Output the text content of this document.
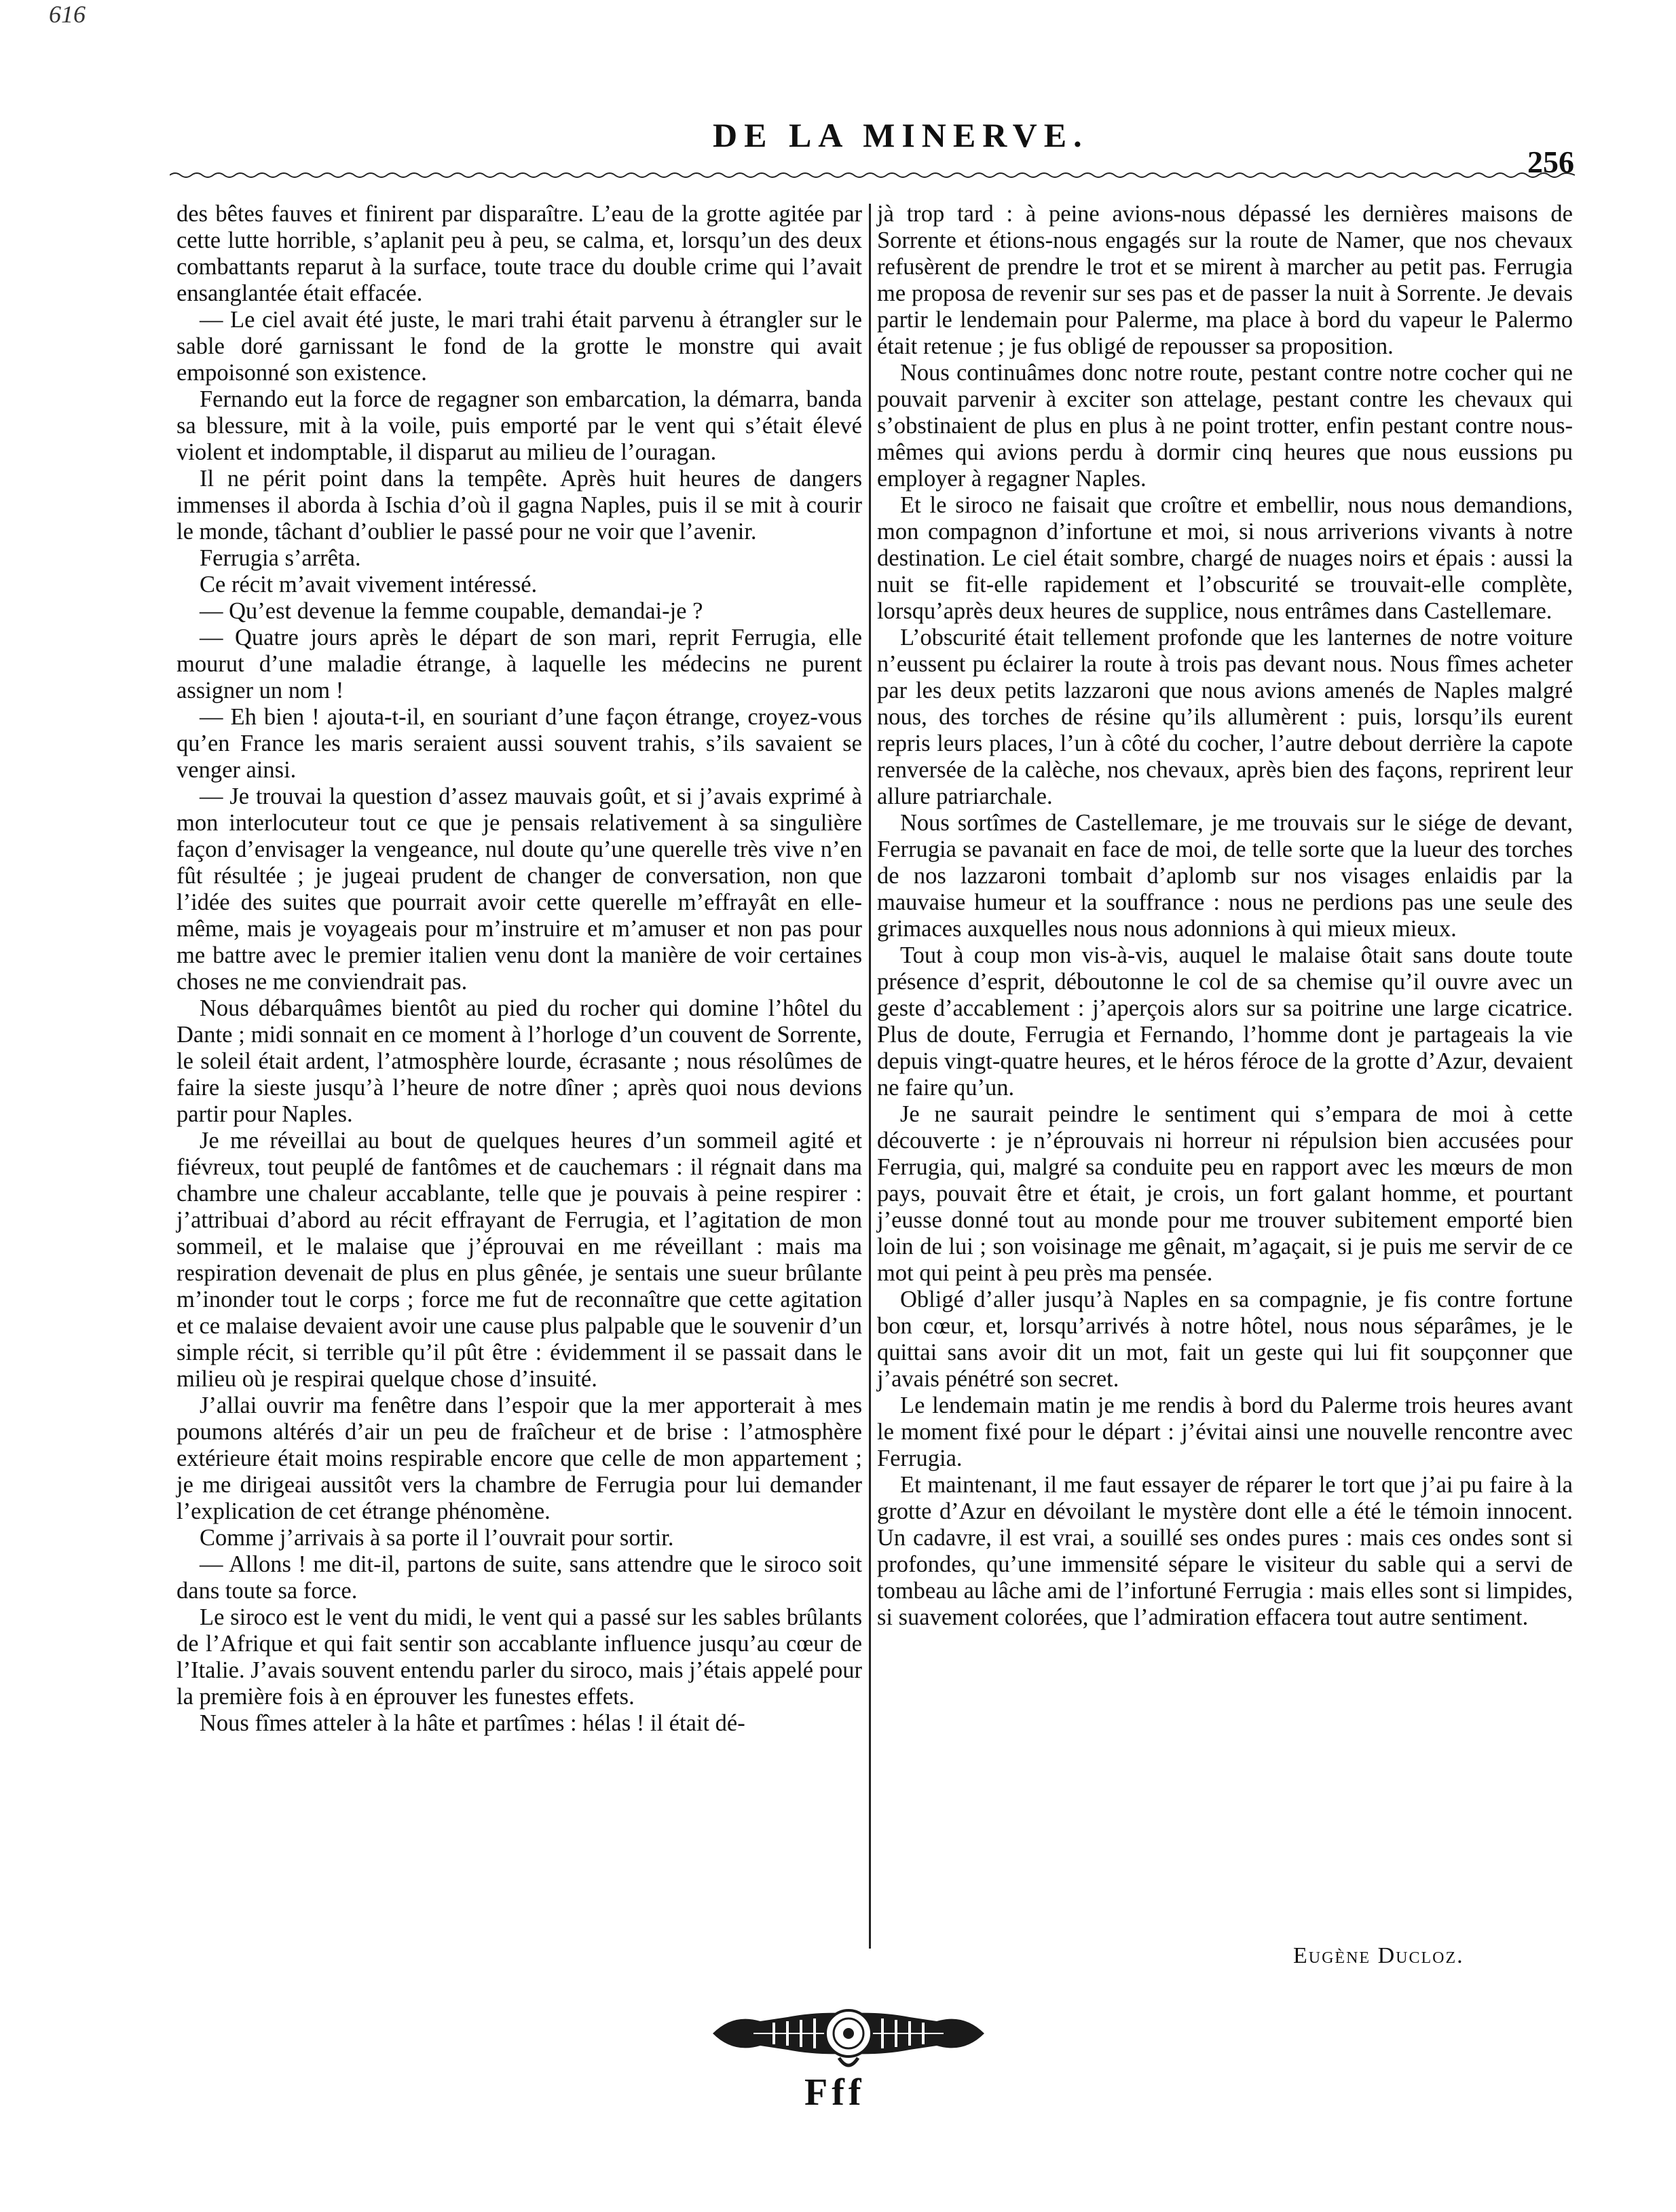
616
DE LA MINERVE.
256

des bêtes fauves et finirent par disparaître. L’eau de la grotte agitée par cette lutte horrible, s’aplanit peu à peu, se calma, et, lorsqu’un des deux combattants reparut à la surface, toute trace du double crime qui l’avait ensanglantée était effacée.

— Le ciel avait été juste, le mari trahi était parvenu à étrangler sur le sable doré garnissant le fond de la grotte le monstre qui avait empoisonné son existence.

Fernando eut la force de regagner son embarcation, la démarra, banda sa blessure, mit à la voile, puis emporté par le vent qui s’était élevé violent et indomptable, il disparut au milieu de l’ouragan.

Il ne périt point dans la tempête. Après huit heures de dangers immenses il aborda à Ischia d’où il gagna Naples, puis il se mit à courir le monde, tâchant d’oublier le passé pour ne voir que l’avenir.

Ferrugia s’arrêta.

Ce récit m’avait vivement intéressé.

— Qu’est devenue la femme coupable, demandai-je ?

— Quatre jours après le départ de son mari, reprit Ferrugia, elle mourut d’une maladie étrange, à laquelle les médecins ne purent assigner un nom !

— Eh bien ! ajouta-t-il, en souriant d’une façon étrange, croyez-vous qu’en France les maris seraient aussi souvent trahis, s’ils savaient se venger ainsi.

— Je trouvai la question d’assez mauvais goût, et si j’avais exprimé à mon interlocuteur tout ce que je pensais relativement à sa singulière façon d’envisager la vengeance, nul doute qu’une querelle très vive n’en fût résultée ; je jugeai prudent de changer de conversation, non que l’idée des suites que pourrait avoir cette querelle m’effrayât en elle-même, mais je voyageais pour m’instruire et m’amuser et non pas pour me battre avec le premier italien venu dont la manière de voir certaines choses ne me conviendrait pas.

Nous débarquâmes bientôt au pied du rocher qui domine l’hôtel du Dante ; midi sonnait en ce moment à l’horloge d’un couvent de Sorrente, le soleil était ardent, l’atmosphère lourde, écrasante ; nous résolûmes de faire la sieste jusqu’à l’heure de notre dîner ; après quoi nous devions partir pour Naples.

Je me réveillai au bout de quelques heures d’un sommeil agité et fiévreux, tout peuplé de fantômes et de cauchemars : il régnait dans ma chambre une chaleur accablante, telle que je pouvais à peine respirer : j’attribuai d’abord au récit effrayant de Ferrugia, et l’agitation de mon sommeil, et le malaise que j’éprouvai en me réveillant : mais ma respiration devenait de plus en plus gênée, je sentais une sueur brûlante m’inonder tout le corps ; force me fut de reconnaître que cette agitation et ce malaise devaient avoir une cause plus palpable que le souvenir d’un simple récit, si terrible qu’il pût être : évidemment il se passait dans le milieu où je respirai quelque chose d’insuité.

J’allai ouvrir ma fenêtre dans l’espoir que la mer apporterait à mes poumons altérés d’air un peu de fraîcheur et de brise : l’atmosphère extérieure était moins respirable encore que celle de mon appartement ; je me dirigeai aussitôt vers la chambre de Ferrugia pour lui demander l’explication de cet étrange phénomène.

Comme j’arrivais à sa porte il l’ouvrait pour sortir.

— Allons ! me dit-il, partons de suite, sans attendre que le siroco soit dans toute sa force.

Le siroco est le vent du midi, le vent qui a passé sur les sables brûlants de l’Afrique et qui fait sentir son accablante influence jusqu’au cœur de l’Italie. J’avais souvent entendu parler du siroco, mais j’étais appelé pour la première fois à en éprouver les funestes effets.

Nous fîmes atteler à la hâte et partîmes : hélas ! il était dé-

jà trop tard : à peine avions-nous dépassé les dernières maisons de Sorrente et étions-nous engagés sur la route de Namer, que nos chevaux refusèrent de prendre le trot et se mirent à marcher au petit pas. Ferrugia me proposa de revenir sur ses pas et de passer la nuit à Sorrente. Je devais partir le lendemain pour Palerme, ma place à bord du vapeur le Palermo était retenue ; je fus obligé de repousser sa proposition.

Nous continuâmes donc notre route, pestant contre notre cocher qui ne pouvait parvenir à exciter son attelage, pestant contre les chevaux qui s’obstinaient de plus en plus à ne point trotter, enfin pestant contre nous-mêmes qui avions perdu à dormir cinq heures que nous eussions pu employer à regagner Naples.

Et le siroco ne faisait que croître et embellir, nous nous demandions, mon compagnon d’infortune et moi, si nous arriverions vivants à notre destination. Le ciel était sombre, chargé de nuages noirs et épais : aussi la nuit se fit-elle rapidement et l’obscurité se trouvait-elle complète, lorsqu’après deux heures de supplice, nous entrâmes dans Castellemare.

L’obscurité était tellement profonde que les lanternes de notre voiture n’eussent pu éclairer la route à trois pas devant nous. Nous fîmes acheter par les deux petits lazzaroni que nous avions amenés de Naples malgré nous, des torches de résine qu’ils allumèrent : puis, lorsqu’ils eurent repris leurs places, l’un à côté du cocher, l’autre debout derrière la capote renversée de la calèche, nos chevaux, après bien des façons, reprirent leur allure patriarchale.

Nous sortîmes de Castellemare, je me trouvais sur le siége de devant, Ferrugia se pavanait en face de moi, de telle sorte que la lueur des torches de nos lazzaroni tombait d’aplomb sur nos visages enlaidis par la mauvaise humeur et la souffrance : nous ne perdions pas une seule des grimaces auxquelles nous nous adonnions à qui mieux mieux.

Tout à coup mon vis-à-vis, auquel le malaise ôtait sans doute toute présence d’esprit, déboutonne le col de sa chemise qu’il ouvre avec un geste d’accablement : j’aperçois alors sur sa poitrine une large cicatrice. Plus de doute, Ferrugia et Fernando, l’homme dont je partageais la vie depuis vingt-quatre heures, et le héros féroce de la grotte d’Azur, devaient ne faire qu’un.

Je ne saurait peindre le sentiment qui s’empara de moi à cette découverte : je n’éprouvais ni horreur ni répulsion bien accusées pour Ferrugia, qui, malgré sa conduite peu en rapport avec les mœurs de mon pays, pouvait être et était, je crois, un fort galant homme, et pourtant j’eusse donné tout au monde pour me trouver subitement emporté bien loin de lui ; son voisinage me gênait, m’agaçait, si je puis me servir de ce mot qui peint à peu près ma pensée.

Obligé d’aller jusqu’à Naples en sa compagnie, je fis contre fortune bon cœur, et, lorsqu’arrivés à notre hôtel, nous nous séparâmes, je le quittai sans avoir dit un mot, fait un geste qui lui fit soupçonner que j’avais pénétré son secret.

Le lendemain matin je me rendis à bord du Palerme trois heures avant le moment fixé pour le départ : j’évitai ainsi une nouvelle rencontre avec Ferrugia.

Et maintenant, il me faut essayer de réparer le tort que j’ai pu faire à la grotte d’Azur en dévoilant le mystère dont elle a été le témoin innocent. Un cadavre, il est vrai, a souillé ses ondes pures : mais ces ondes sont si profondes, qu’une immensité sépare le visiteur du sable qui a servi de tombeau au lâche ami de l’infortuné Ferrugia : mais elles sont si limpides, si suavement colorées, que l’admiration effacera tout autre sentiment.

Eugène Ducloz.
Fff
